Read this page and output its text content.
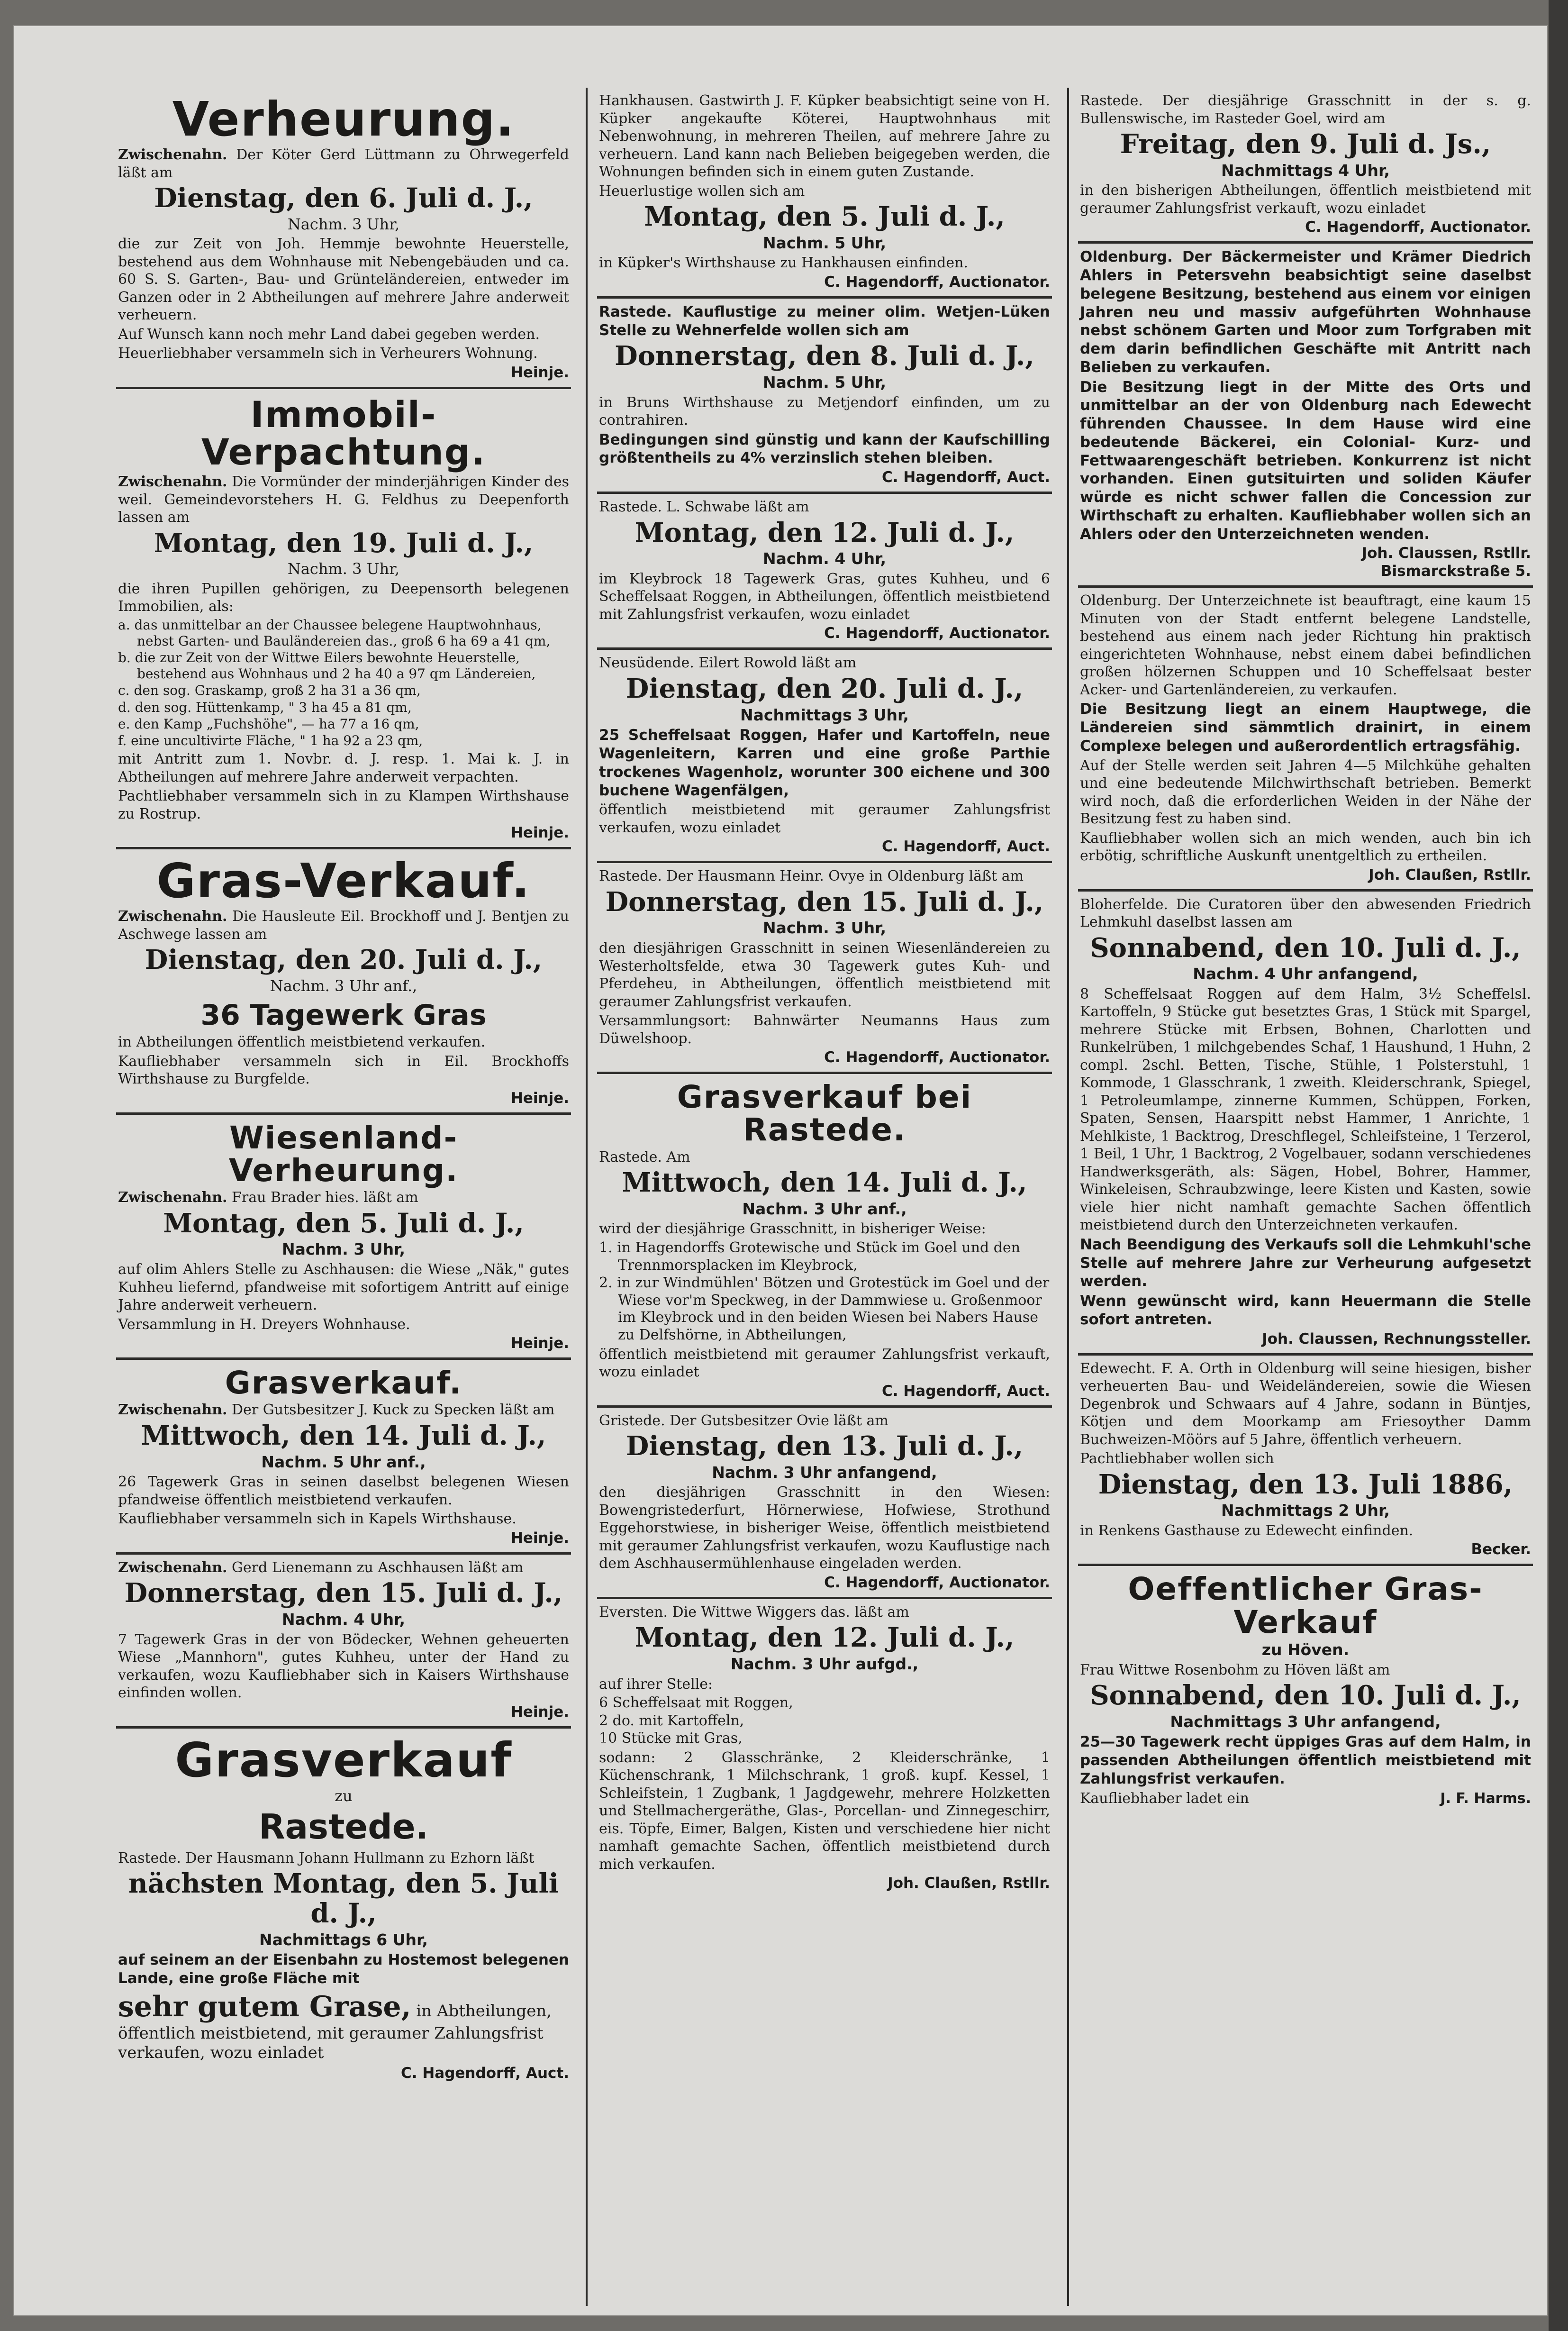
Verheurung.

Zwischenahn. Der Köter Gerd Lüttmann zu Ohrwegerfeld läßt am

Dienstag, den 6. Juli d. J.,
Nachm. 3 Uhr,

die zur Zeit von Joh. Hemmje bewohnte Heuerstelle, bestehend aus dem Wohnhause mit Nebengebäuden und ca. 60 S. S. Garten-, Bau- und Grünteländereien, entweder im Ganzen oder in 2 Abtheilungen auf mehrere Jahre anderweit verheuern.

Auf Wunsch kann noch mehr Land dabei gegeben werden.

Heuerliebhaber versammeln sich in Verheurers Wohnung.

Heinje.
Immobil-Verpachtung.

Zwischenahn. Die Vormünder der minderjährigen Kinder des weil. Gemeindevorstehers H. G. Feldhus zu Deepenforth lassen am

Montag, den 19. Juli d. J.,
Nachm. 3 Uhr,

die ihren Pupillen gehörigen, zu Deepensorth belegenen Immobilien, als:

a. das unmittelbar an der Chaussee belegene Hauptwohnhaus, nebst Garten- und Bauländereien das., groß 6 ha 69 a 41 qm,
b. die zur Zeit von der Wittwe Eilers bewohnte Heuerstelle, bestehend aus Wohnhaus und 2 ha 40 a 97 qm Ländereien,
c. den sog. Graskamp, groß 2 ha 31 a 36 qm,
d. den sog. Hüttenkamp, " 3 ha 45 a 81 qm,
e. den Kamp „Fuchshöhe", — ha 77 a 16 qm,
f. eine uncultivirte Fläche, " 1 ha 92 a 23 qm,

mit Antritt zum 1. Novbr. d. J. resp. 1. Mai k. J. in Abtheilungen auf mehrere Jahre anderweit verpachten.

Pachtliebhaber versammeln sich in zu Klampen Wirthshause zu Rostrup.

Heinje.
Gras-Verkauf.

Zwischenahn. Die Hausleute Eil. Brockhoff und J. Bentjen zu Aschwege lassen am

Dienstag, den 20. Juli d. J.,
Nachm. 3 Uhr anf.,
36 Tagewerk Gras

in Abtheilungen öffentlich meistbietend verkaufen.

Kaufliebhaber versammeln sich in Eil. Brockhoffs Wirthshause zu Burgfelde.

Heinje.
Wiesenland-Verheurung.

Zwischenahn. Frau Brader hies. läßt am

Montag, den 5. Juli d. J.,
Nachm. 3 Uhr,

auf olim Ahlers Stelle zu Aschhausen: die Wiese „Näk," gutes Kuhheu liefernd, pfandweise mit sofortigem Antritt auf einige Jahre anderweit verheuern.

Versammlung in H. Dreyers Wohnhause.

Heinje.
Grasverkauf.

Zwischenahn. Der Gutsbesitzer J. Kuck zu Specken läßt am

Mittwoch, den 14. Juli d. J.,
Nachm. 5 Uhr anf.,

26 Tagewerk Gras in seinen daselbst belegenen Wiesen pfandweise öffentlich meistbietend verkaufen.

Kaufliebhaber versammeln sich in Kapels Wirthshause.

Heinje.

Zwischenahn. Gerd Lienemann zu Aschhausen läßt am

Donnerstag, den 15. Juli d. J.,
Nachm. 4 Uhr,

7 Tagewerk Gras in der von Bödecker, Wehnen geheuerten Wiese „Mannhorn", gutes Kuhheu, unter der Hand zu verkaufen, wozu Kaufliebhaber sich in Kaisers Wirthshause einfinden wollen.

Heinje.
Grasverkauf
zu
Rastede.

Rastede. Der Hausmann Johann Hullmann zu Ezhorn läßt

nächsten Montag, den 5. Juli d. J.,
Nachmittags 6 Uhr,

auf seinem an der Eisenbahn zu Hostemost belegenen Lande, eine große Fläche mit

sehr gutem Grase, in Abtheilungen, öffentlich meistbietend, mit geraumer Zahlungsfrist verkaufen, wozu einladet
C. Hagendorff, Auct.

Hankhausen. Gastwirth J. F. Küpker beabsichtigt seine von H. Küpker angekaufte Köterei, Hauptwohnhaus mit Nebenwohnung, in mehreren Theilen, auf mehrere Jahre zu verheuern. Land kann nach Belieben beigegeben werden, die Wohnungen befinden sich in einem guten Zustande.

Heuerlustige wollen sich am

Montag, den 5. Juli d. J.,
Nachm. 5 Uhr,

in Küpker's Wirthshause zu Hankhausen einfinden.

C. Hagendorff, Auctionator.

Rastede. Kauflustige zu meiner olim. Wetjen-Lüken Stelle zu Wehnerfelde wollen sich am

Donnerstag, den 8. Juli d. J.,
Nachm. 5 Uhr,

in Bruns Wirthshause zu Metjendorf einfinden, um zu contrahiren.

Bedingungen sind günstig und kann der Kaufschilling größtentheils zu 4% verzinslich stehen bleiben.

C. Hagendorff, Auct.

Rastede. L. Schwabe läßt am

Montag, den 12. Juli d. J.,
Nachm. 4 Uhr,

im Kleybrock 18 Tagewerk Gras, gutes Kuhheu, und 6 Scheffelsaat Roggen, in Abtheilungen, öffentlich meistbietend mit Zahlungsfrist verkaufen, wozu einladet

C. Hagendorff, Auctionator.

Neusüdende. Eilert Rowold läßt am

Dienstag, den 20. Juli d. J.,
Nachmittags 3 Uhr,

25 Scheffelsaat Roggen, Hafer und Kartoffeln, neue Wagenleitern, Karren und eine große Parthie trockenes Wagenholz, worunter 300 eichene und 300 buchene Wagenfälgen,

öffentlich meistbietend mit geraumer Zahlungsfrist verkaufen, wozu einladet

C. Hagendorff, Auct.

Rastede. Der Hausmann Heinr. Ovye in Oldenburg läßt am

Donnerstag, den 15. Juli d. J.,
Nachm. 3 Uhr,

den diesjährigen Grasschnitt in seinen Wiesenländereien zu Westerholtsfelde, etwa 30 Tagewerk gutes Kuh- und Pferdeheu, in Abtheilungen, öffentlich meistbietend mit geraumer Zahlungsfrist verkaufen.

Versammlungsort: Bahnwärter Neumanns Haus zum Düwelshoop.

C. Hagendorff, Auctionator.
Grasverkauf bei Rastede.

Rastede. Am

Mittwoch, den 14. Juli d. J.,
Nachm. 3 Uhr anf.,

wird der diesjährige Grasschnitt, in bisheriger Weise:

1. in Hagendorffs Grotewische und Stück im Goel und den Trennmorsplacken im Kleybrock,
2. in zur Windmühlen' Bötzen und Grotestück im Goel und der Wiese vor'm Speckweg, in der Dammwiese u. Großenmoor im Kleybrock und in den beiden Wiesen bei Nabers Hause zu Delfshörne, in Abtheilungen,

öffentlich meistbietend mit geraumer Zahlungsfrist verkauft, wozu einladet

C. Hagendorff, Auct.

Gristede. Der Gutsbesitzer Ovie läßt am

Dienstag, den 13. Juli d. J.,
Nachm. 3 Uhr anfangend,

den diesjährigen Grasschnitt in den Wiesen: Bowengristederfurt, Hörnerwiese, Hofwiese, Strothund Eggehorstwiese, in bisheriger Weise, öffentlich meistbietend mit geraumer Zahlungsfrist verkaufen, wozu Kauflustige nach dem Aschhausermühlenhause eingeladen werden.

C. Hagendorff, Auctionator.

Eversten. Die Wittwe Wiggers das. läßt am

Montag, den 12. Juli d. J.,
Nachm. 3 Uhr aufgd.,

auf ihrer Stelle:

6 Scheffelsaat mit Roggen,
2 do. mit Kartoffeln,
10 Stücke mit Gras,

sodann: 2 Glasschränke, 2 Kleiderschränke, 1 Küchenschrank, 1 Milchschrank, 1 groß. kupf. Kessel, 1 Schleifstein, 1 Zugbank, 1 Jagdgewehr, mehrere Holzketten und Stellmachergeräthe, Glas-, Porcellan- und Zinnegeschirr, eis. Töpfe, Eimer, Balgen, Kisten und verschiedene hier nicht namhaft gemachte Sachen, öffentlich meistbietend durch mich verkaufen.

Joh. Claußen, Rstllr.

Rastede. Der diesjährige Grasschnitt in der s. g. Bullenswische, im Rasteder Goel, wird am

Freitag, den 9. Juli d. Js.,
Nachmittags 4 Uhr,

in den bisherigen Abtheilungen, öffentlich meistbietend mit geraumer Zahlungsfrist verkauft, wozu einladet

C. Hagendorff, Auctionator.

Oldenburg. Der Bäckermeister und Krämer Diedrich Ahlers in Petersvehn beabsichtigt seine daselbst belegene Besitzung, bestehend aus einem vor einigen Jahren neu und massiv aufgeführten Wohnhause nebst schönem Garten und Moor zum Torfgraben mit dem darin befindlichen Geschäfte mit Antritt nach Belieben zu verkaufen.

Die Besitzung liegt in der Mitte des Orts und unmittelbar an der von Oldenburg nach Edewecht führenden Chaussee. In dem Hause wird eine bedeutende Bäckerei, ein Colonial- Kurz- und Fettwaarengeschäft betrieben. Konkurrenz ist nicht vorhanden. Einen gutsituirten und soliden Käufer würde es nicht schwer fallen die Concession zur Wirthschaft zu erhalten. Kaufliebhaber wollen sich an Ahlers oder den Unterzeichneten wenden.

Joh. Claussen, Rstllr.
Bismarckstraße 5.

Oldenburg. Der Unterzeichnete ist beauftragt, eine kaum 15 Minuten von der Stadt entfernt belegene Landstelle, bestehend aus einem nach jeder Richtung hin praktisch eingerichteten Wohnhause, nebst einem dabei befindlichen großen hölzernen Schuppen und 10 Scheffelsaat bester Acker- und Gartenländereien, zu verkaufen.

Die Besitzung liegt an einem Hauptwege, die Ländereien sind sämmtlich drainirt, in einem Complexe belegen und außerordentlich ertragsfähig.

Auf der Stelle werden seit Jahren 4—5 Milchkühe gehalten und eine bedeutende Milchwirthschaft betrieben. Bemerkt wird noch, daß die erforderlichen Weiden in der Nähe der Besitzung fest zu haben sind.

Kaufliebhaber wollen sich an mich wenden, auch bin ich erbötig, schriftliche Auskunft unentgeltlich zu ertheilen.

Joh. Claußen, Rstllr.

Bloherfelde. Die Curatoren über den abwesenden Friedrich Lehmkuhl daselbst lassen am

Sonnabend, den 10. Juli d. J.,
Nachm. 4 Uhr anfangend,

8 Scheffelsaat Roggen auf dem Halm, 3½ Scheffelsl. Kartoffeln, 9 Stücke gut besetztes Gras, 1 Stück mit Spargel, mehrere Stücke mit Erbsen, Bohnen, Charlotten und Runkelrüben, 1 milchgebendes Schaf, 1 Haushund, 1 Huhn, 2 compl. 2schl. Betten, Tische, Stühle, 1 Polsterstuhl, 1 Kommode, 1 Glasschrank, 1 zweith. Kleiderschrank, Spiegel, 1 Petroleumlampe, zinnerne Kummen, Schüppen, Forken, Spaten, Sensen, Haarspitt nebst Hammer, 1 Anrichte, 1 Mehlkiste, 1 Backtrog, Dreschflegel, Schleifsteine, 1 Terzerol, 1 Beil, 1 Uhr, 1 Backtrog, 2 Vogelbauer, sodann verschiedenes Handwerksgeräth, als: Sägen, Hobel, Bohrer, Hammer, Winkeleisen, Schraubzwinge, leere Kisten und Kasten, sowie viele hier nicht namhaft gemachte Sachen öffentlich meistbietend durch den Unterzeichneten verkaufen.

Nach Beendigung des Verkaufs soll die Lehmkuhl'sche Stelle auf mehrere Jahre zur Verheurung aufgesetzt werden.

Wenn gewünscht wird, kann Heuermann die Stelle sofort antreten.

Joh. Claussen, Rechnungssteller.

Edewecht. F. A. Orth in Oldenburg will seine hiesigen, bisher verheuerten Bau- und Weideländereien, sowie die Wiesen Degenbrok und Schwaars auf 4 Jahre, sodann in Büntjes, Kötjen und dem Moorkamp am Friesoyther Damm Buchweizen-Möörs auf 5 Jahre, öffentlich verheuern.

Pachtliebhaber wollen sich

Dienstag, den 13. Juli 1886,
Nachmittags 2 Uhr,

in Renkens Gasthause zu Edewecht einfinden.

Becker.
Oeffentlicher Gras-Verkauf
zu Höven.

Frau Wittwe Rosenbohm zu Höven läßt am

Sonnabend, den 10. Juli d. J.,
Nachmittags 3 Uhr anfangend,

25—30 Tagewerk recht üppiges Gras auf dem Halm, in passenden Abtheilungen öffentlich meistbietend mit Zahlungsfrist verkaufen.

Kaufliebhaber ladet ein	J. F. Harms.
